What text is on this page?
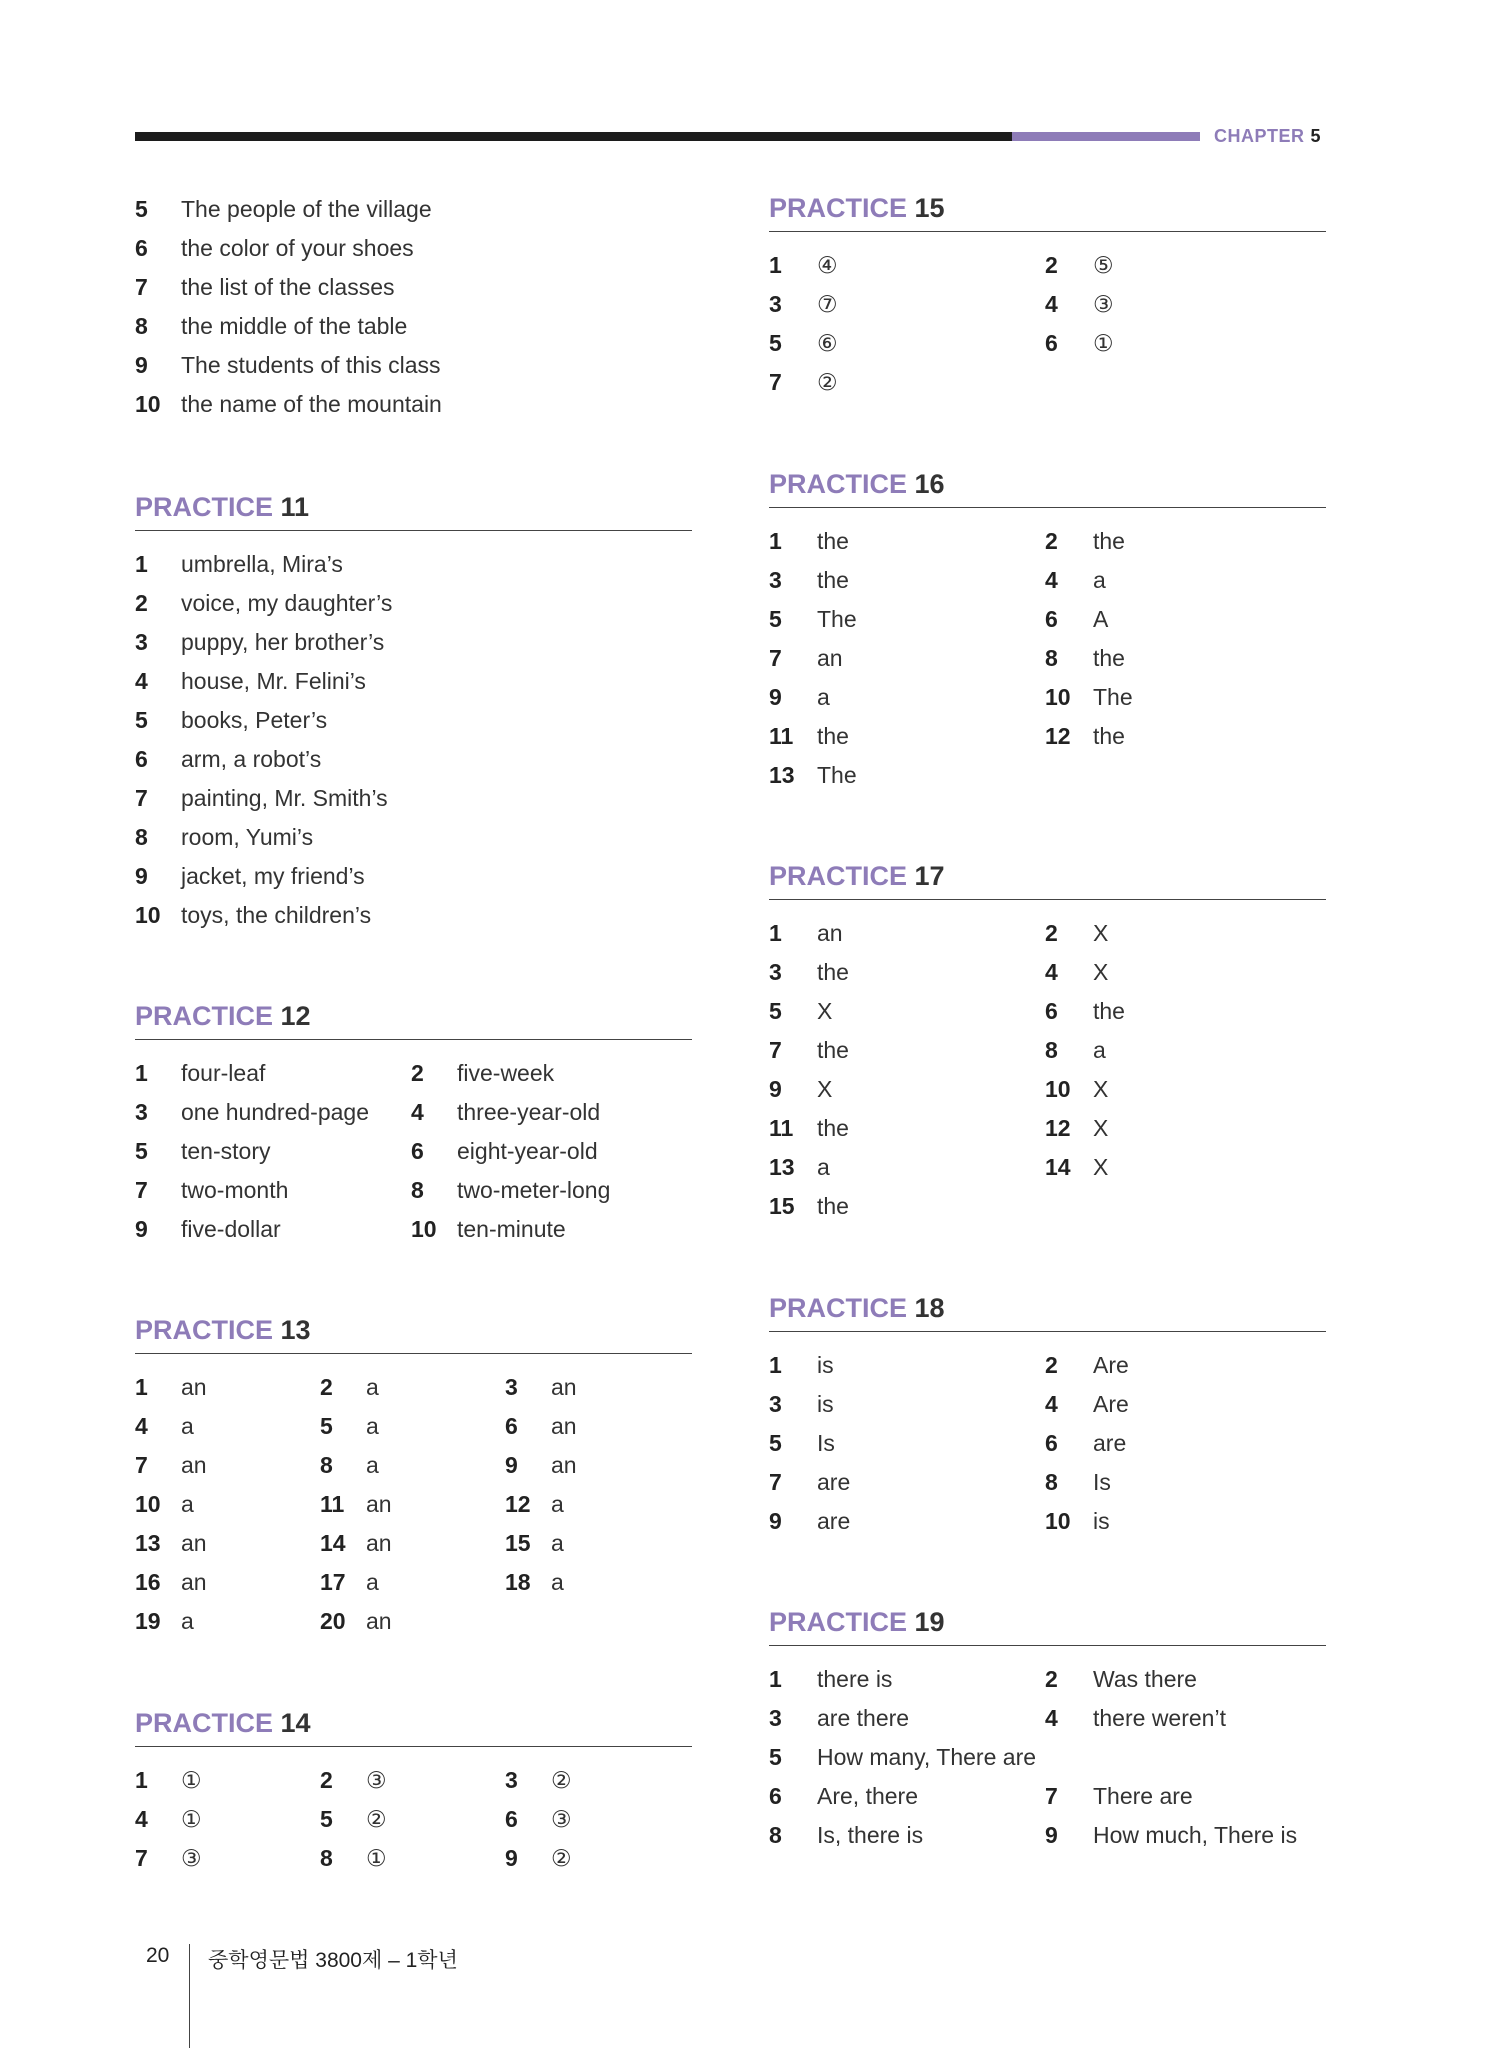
CHAPTER 5
5	The people of the village
6	the color of your shoes
7	the list of the classes
8	the middle of the table
9	The students of this class
10 the name of the mountain
PRACTICE 11
1	umbrella, Mira’s
2	voice, my daughter’s
3	puppy, her brother’s
4	house, Mr. Felini’s
5	books, Peter’s
6	arm, a robot’s
7	painting, Mr. Smith’s
8	room, Yumi’s
9	jacket, my friend’s
10 toys, the children’s
PRACTICE 12
1	four-leaf	2	five-week
3	one hundred-page 4	three-year-old
5	ten-story	6	eight-year-old
7	two-month	8	two-meter-long
9	five-dollar	10 ten-minute
PRACTICE 13
1	an	2	a	3	an
4	a	5	a	6	an
7	an	8	a	9	an
10 a	11 an	12 a
13 an	14 an	15 a
16 an	17 a	18 a
19 a	20 an
PRACTICE 14
1	①	2	③	3	②
4	①	5	②	6	③
7	③	8	①	9	②
PRACTICE 15
1	④	2	⑤
3	⑦	4	③
5	⑥	6	①
7	②
PRACTICE 16
1	the	2	the
3	the	4	a
5	The	6	A
7	an	8	the
9	a	10 The
11	the	12 the
13 The
PRACTICE 17
1	an	2	X
3	the	4	X
5	X	6	the
7	the	8	a
9	X	10 X
11	the	12 X
13 a	14 X
15 the
PRACTICE 18
1	is	2	Are
3	is	4	Are
5	Is	6	are
7	are	8	Is
9	are	10 is
PRACTICE 19
1	there is	2	Was there
3	are there	4	there weren’t
5	How many, There are
6	Are, there	7	There are
8	Is, there is	9	How much, There is
20 중학영문법 3800제 – 1학년
